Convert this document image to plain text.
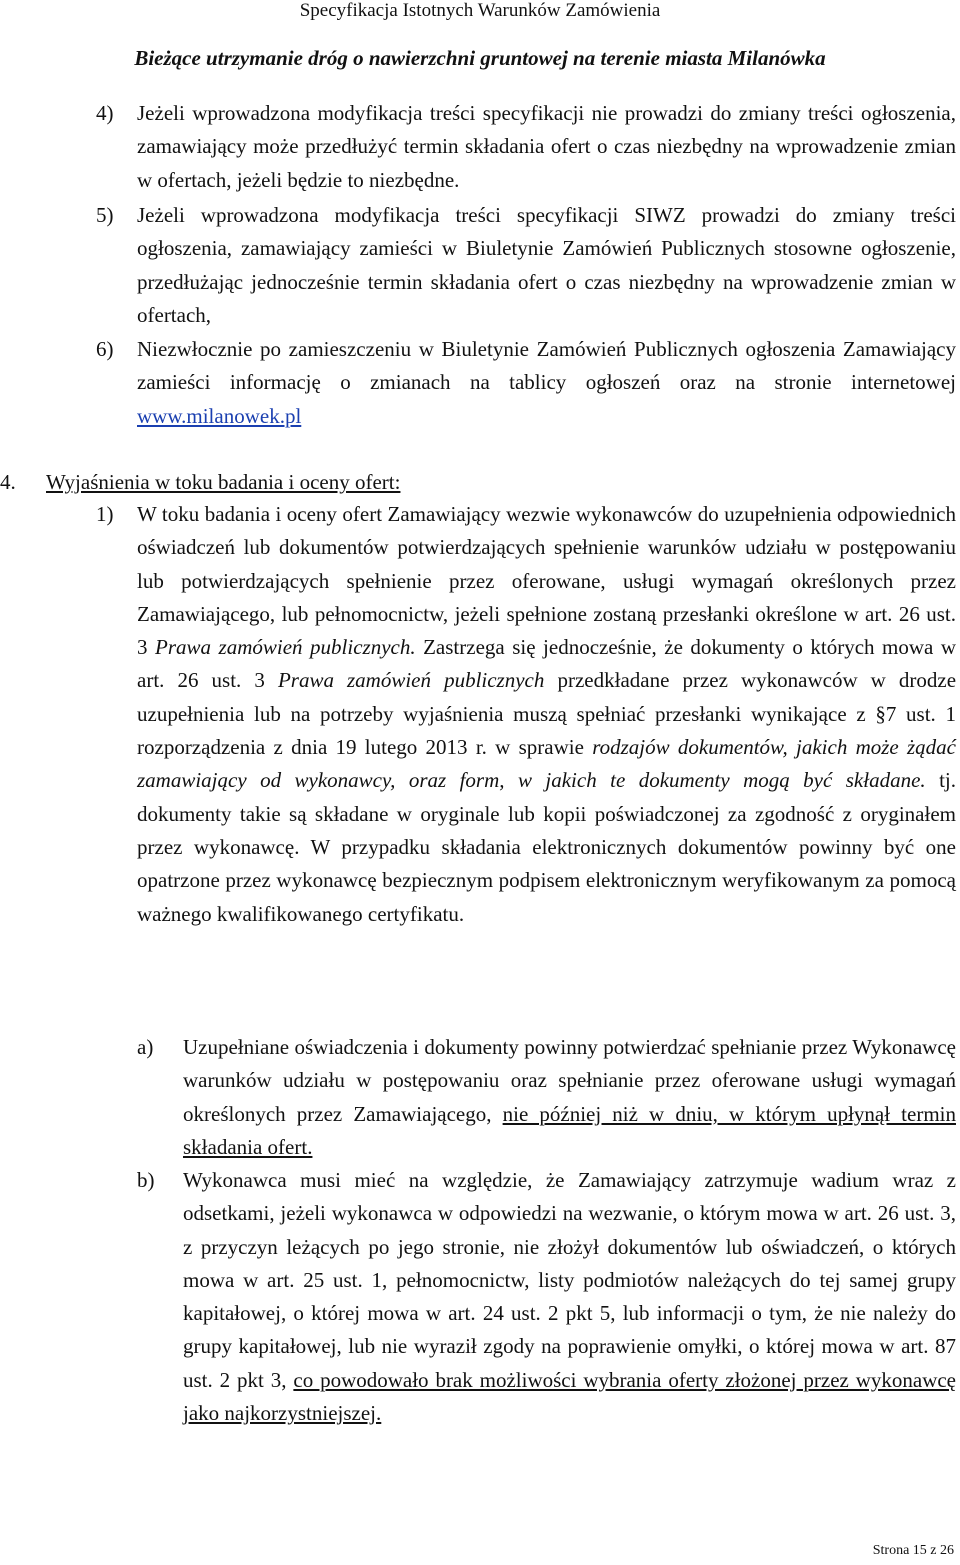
Specyfikacja Istotnych Warunków Zamówienia
Bieżące utrzymanie dróg o nawierzchni gruntowej na terenie miasta Milanówka
4) Jeżeli wprowadzona modyfikacja treści specyfikacji nie prowadzi do zmiany treści ogłoszenia, zamawiający może przedłużyć termin składania ofert o czas niezbędny na wprowadzenie zmian w ofertach, jeżeli będzie to niezbędne.
5) Jeżeli wprowadzona modyfikacja treści specyfikacji SIWZ prowadzi do zmiany treści ogłoszenia, zamawiający zamieści w Biuletynie Zamówień Publicznych stosowne ogłoszenie, przedłużając jednocześnie termin składania ofert o czas niezbędny na wprowadzenie zmian w ofertach,
6) Niezwłocznie po zamieszczeniu w Biuletynie Zamówień Publicznych ogłoszenia Zamawiający zamieści informację o zmianach na tablicy ogłoszeń oraz na stronie internetowej www.milanowek.pl
4. Wyjaśnienia w toku badania i oceny ofert:
1) W toku badania i oceny ofert Zamawiający wezwie wykonawców do uzupełnienia odpowiednich oświadczeń lub dokumentów potwierdzających spełnienie warunków udziału w postępowaniu lub potwierdzających spełnienie przez oferowane, usługi wymagań określonych przez Zamawiającego, lub pełnomocnictw, jeżeli spełnione zostaną przesłanki określone w art. 26 ust. 3 Prawa zamówień publicznych. Zastrzega się jednocześnie, że dokumenty o których mowa w art. 26 ust. 3 Prawa zamówień publicznych przedkładane przez wykonawców w drodze uzupełnienia lub na potrzeby wyjaśnienia muszą spełniać przesłanki wynikające z §7 ust. 1 rozporządzenia z dnia 19 lutego 2013 r. w sprawie rodzajów dokumentów, jakich może żądać zamawiający od wykonawcy, oraz form, w jakich te dokumenty mogą być składane. tj. dokumenty takie są składane w oryginale lub kopii poświadczonej za zgodność z oryginałem przez wykonawcę. W przypadku składania elektronicznych dokumentów powinny być one opatrzone przez wykonawcę bezpiecznym podpisem elektronicznym weryfikowanym za pomocą ważnego kwalifikowanego certyfikatu.
a) Uzupełniane oświadczenia i dokumenty powinny potwierdzać spełnianie przez Wykonawcę warunków udziału w postępowaniu oraz spełnianie przez oferowane usługi wymagań określonych przez Zamawiającego, nie później niż w dniu, w którym upłynął termin składania ofert.
b) Wykonawca musi mieć na względzie, że Zamawiający zatrzymuje wadium wraz z odsetkami, jeżeli wykonawca w odpowiedzi na wezwanie, o którym mowa w art. 26 ust. 3, z przyczyn leżących po jego stronie, nie złożył dokumentów lub oświadczeń, o których mowa w art. 25 ust. 1, pełnomocnictw, listy podmiotów należących do tej samej grupy kapitałowej, o której mowa w art. 24 ust. 2 pkt 5, lub informacji o tym, że nie należy do grupy kapitałowej, lub nie wyraził zgody na poprawienie omyłki, o której mowa w art. 87 ust. 2 pkt 3, co powodowało brak możliwości wybrania oferty złożonej przez wykonawcę jako najkorzystniejszej.
Strona 15 z 26
